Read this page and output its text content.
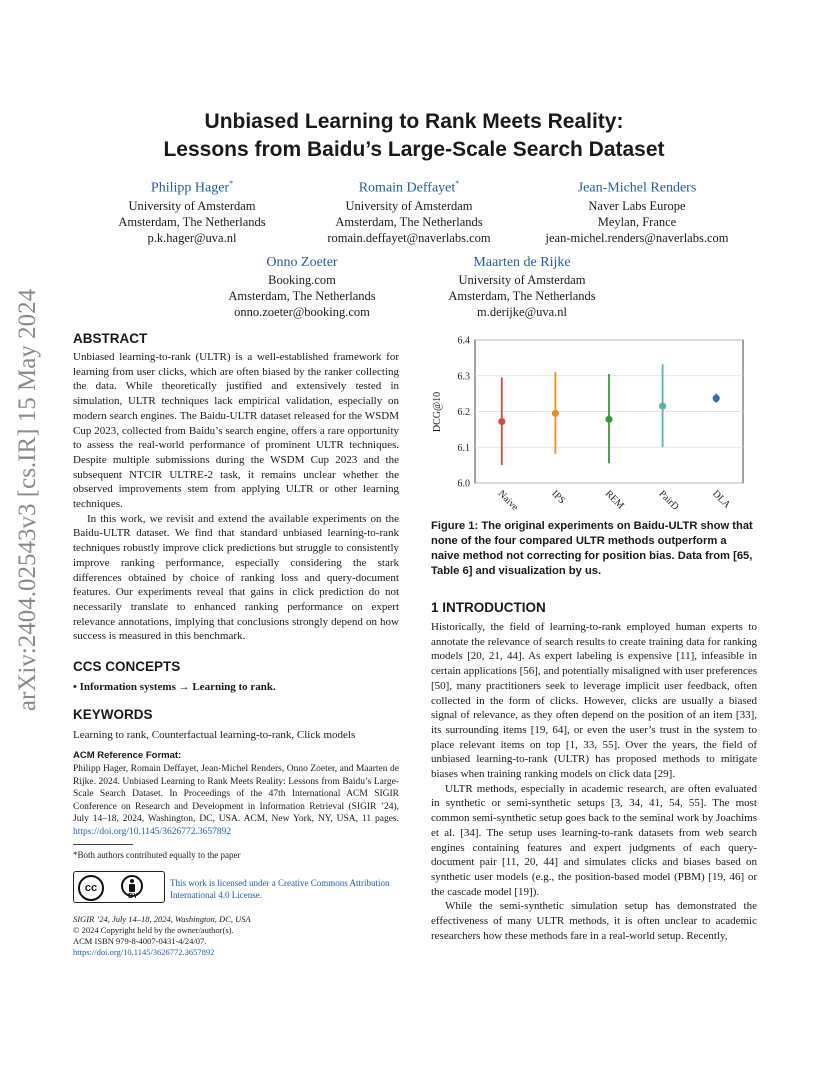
arXiv:2404.02543v3 [cs.IR] 15 May 2024
Unbiased Learning to Rank Meets Reality:
Lessons from Baidu’s Large-Scale Search Dataset
Philipp Hager*
University of Amsterdam
Amsterdam, The Netherlands
p.k.hager@uva.nl
Romain Deffayet*
University of Amsterdam
Amsterdam, The Netherlands
romain.deffayet@naverlabs.com
Jean-Michel Renders
Naver Labs Europe
Meylan, France
jean-michel.renders@naverlabs.com
Onno Zoeter
Booking.com
Amsterdam, The Netherlands
onno.zoeter@booking.com
Maarten de Rijke
University of Amsterdam
Amsterdam, The Netherlands
m.derijke@uva.nl
ABSTRACT

Unbiased learning-to-rank (ULTR) is a well-established framework for learning from user clicks, which are often biased by the ranker collecting the data. While theoretically justified and extensively tested in simulation, ULTR techniques lack empirical validation, especially on modern search engines. The Baidu-ULTR dataset released for the WSDM Cup 2023, collected from Baidu’s search engine, offers a rare opportunity to assess the real-world performance of prominent ULTR techniques. Despite multiple submissions during the WSDM Cup 2023 and the subsequent NTCIR ULTRE-2 task, it remains unclear whether the observed improvements stem from applying ULTR or other learning techniques.

In this work, we revisit and extend the available experiments on the Baidu-ULTR dataset. We find that standard unbiased learning-to-rank techniques robustly improve click predictions but struggle to consistently improve ranking performance, especially considering the stark differences obtained by choice of ranking loss and query-document features. Our experiments reveal that gains in click prediction do not necessarily translate to enhanced ranking performance on expert relevance annotations, implying that conclusions strongly depend on how success is measured in this benchmark.

CCS CONCEPTS
• Information systems → Learning to rank.
KEYWORDS
Learning to rank, Counterfactual learning-to-rank, Click models
ACM Reference Format:
Philipp Hager, Romain Deffayet, Jean-Michel Renders, Onno Zoeter, and Maarten de Rijke. 2024. Unbiased Learning to Rank Meets Reality: Lessons from Baidu’s Large-Scale Search Dataset. In Proceedings of the 47th International ACM SIGIR Conference on Research and Development in Information Retrieval (SIGIR ’24), July 14–18, 2024, Washington, DC, USA. ACM, New York, NY, USA, 11 pages. https://doi.org/10.1145/3626772.3657892
*Both authors contributed equally to the paper
cc
BY
This work is licensed under a Creative Commons Attribution International 4.0 License.
SIGIR ’24, July 14–18, 2024, Washington, DC, USA
© 2024 Copyright held by the owner/author(s).
ACM ISBN 979-8-4007-0431-4/24/07.
https://doi.org/10.1145/3626772.3657892
6.0
6.1
6.2
6.3
6.4
Naive	IPS	REM	PairD	DLA
DCG@10
Figure 1: The original experiments on Baidu-ULTR show that none of the four compared ULTR methods outperform a naive method not correcting for position bias. Data from [65, Table 6] and visualization by us.
1 INTRODUCTION

Historically, the field of learning-to-rank employed human experts to annotate the relevance of search results to create training data for ranking models [20, 21, 44]. As expert labeling is expensive [11], infeasible in certain applications [56], and potentially misaligned with user preferences [50], many practitioners seek to leverage implicit user feedback, often collected in the form of clicks. However, clicks are usually a biased signal of relevance, as they often depend on the position of an item [33], its surrounding items [19, 64], or even the user’s trust in the system to place relevant items on top [1, 33, 55]. Over the years, the field of unbiased learning-to-rank (ULTR) has proposed methods to mitigate biases when training ranking models on click data [29].

ULTR methods, especially in academic research, are often evaluated in synthetic or semi-synthetic setups [3, 34, 41, 54, 55]. The most common semi-synthetic setup goes back to the seminal work by Joachims et al. [34]. The setup uses learning-to-rank datasets from web search engines containing features and expert judgments of each query-document pair [11, 20, 44] and simulates clicks and biases based on synthetic user models (e.g., the position-based model (PBM) [19, 46] or the cascade model [19]).

While the semi-synthetic simulation setup has demonstrated the effectiveness of many ULTR methods, it is often unclear to academic researchers how these methods fare in a real-world setup. Recently,
